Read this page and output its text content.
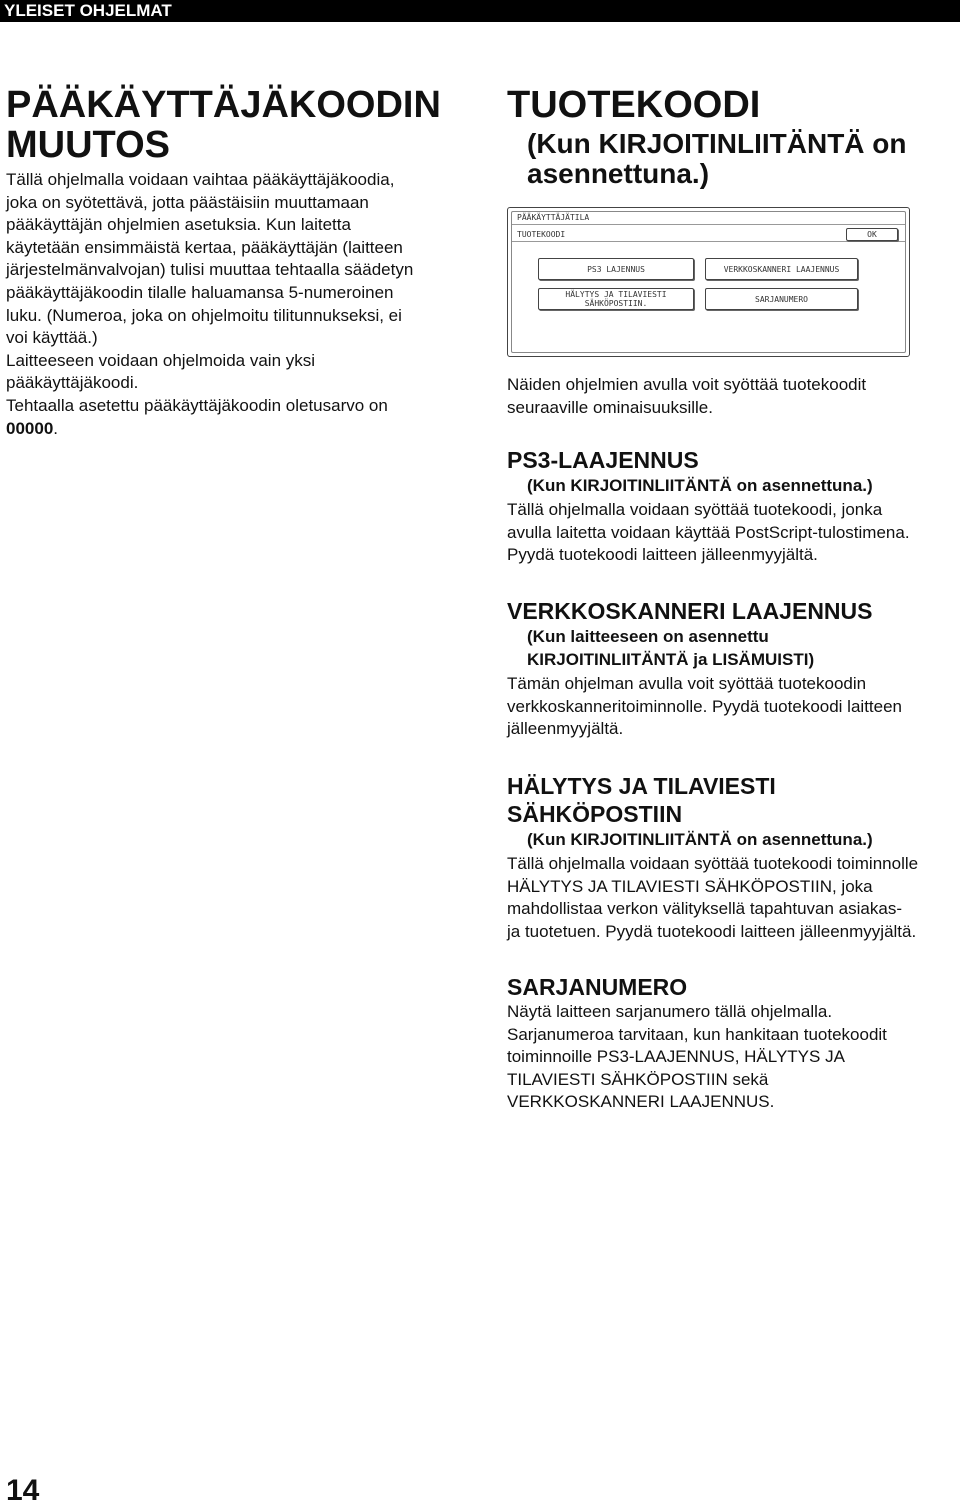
YLEISET OHJELMAT
PÄÄKÄYTTÄJÄKOODIN
MUUTOS
Tällä ohjelmalla voidaan vaihtaa pääkäyttäjäkoodia,
joka on syötettävä, jotta päästäisiin muuttamaan
pääkäyttäjän ohjelmien asetuksia. Kun laitetta
käytetään ensimmäistä kertaa, pääkäyttäjän (laitteen
järjestelmänvalvojan) tulisi muuttaa tehtaalla säädetyn
pääkäyttäjäkoodin tilalle haluamansa 5-numeroinen
luku. (Numeroa, joka on ohjelmoitu tilitunnukseksi, ei
voi käyttää.)
Laitteeseen voidaan ohjelmoida vain yksi
pääkäyttäjäkoodi.
Tehtaalla asetettu pääkäyttäjäkoodin oletusarvo on
00000.
TUOTEKOODI
(Kun KIRJOITINLIITÄNTÄ on
asennettuna.)
PÄÄKÄYTTÄJÄTILA
TUOTEKOODI	OK
PS3 LAJENNUS	VERKKOSKANNERI LAAJENNUS
HÄLYTYS JA TILAVIESTI
SÄHKÖPOSTIIN.	SARJANUMERO
Näiden ohjelmien avulla voit syöttää tuotekoodit
seuraaville ominaisuuksille.
PS3-LAAJENNUS
(Kun KIRJOITINLIITÄNTÄ on asennettuna.)
Tällä ohjelmalla voidaan syöttää tuotekoodi, jonka
avulla laitetta voidaan käyttää PostScript-tulostimena.
Pyydä tuotekoodi laitteen jälleenmyyjältä.
VERKKOSKANNERI LAAJENNUS
(Kun laitteeseen on asennettu
KIRJOITINLIITÄNTÄ ja LISÄMUISTI)
Tämän ohjelman avulla voit syöttää tuotekoodin
verkkoskanneritoiminnolle. Pyydä tuotekoodi laitteen
jälleenmyyjältä.
HÄLYTYS JA TILAVIESTI
SÄHKÖPOSTIIN
(Kun KIRJOITINLIITÄNTÄ on asennettuna.)
Tällä ohjelmalla voidaan syöttää tuotekoodi toiminnolle
HÄLYTYS JA TILAVIESTI SÄHKÖPOSTIIN, joka
mahdollistaa verkon välityksellä tapahtuvan asiakas-
ja tuotetuen. Pyydä tuotekoodi laitteen jälleenmyyjältä.
SARJANUMERO
Näytä laitteen sarjanumero tällä ohjelmalla.
Sarjanumeroa tarvitaan, kun hankitaan tuotekoodit
toiminnoille PS3-LAAJENNUS, HÄLYTYS JA
TILAVIESTI SÄHKÖPOSTIIN sekä
VERKKOSKANNERI LAAJENNUS.
14
